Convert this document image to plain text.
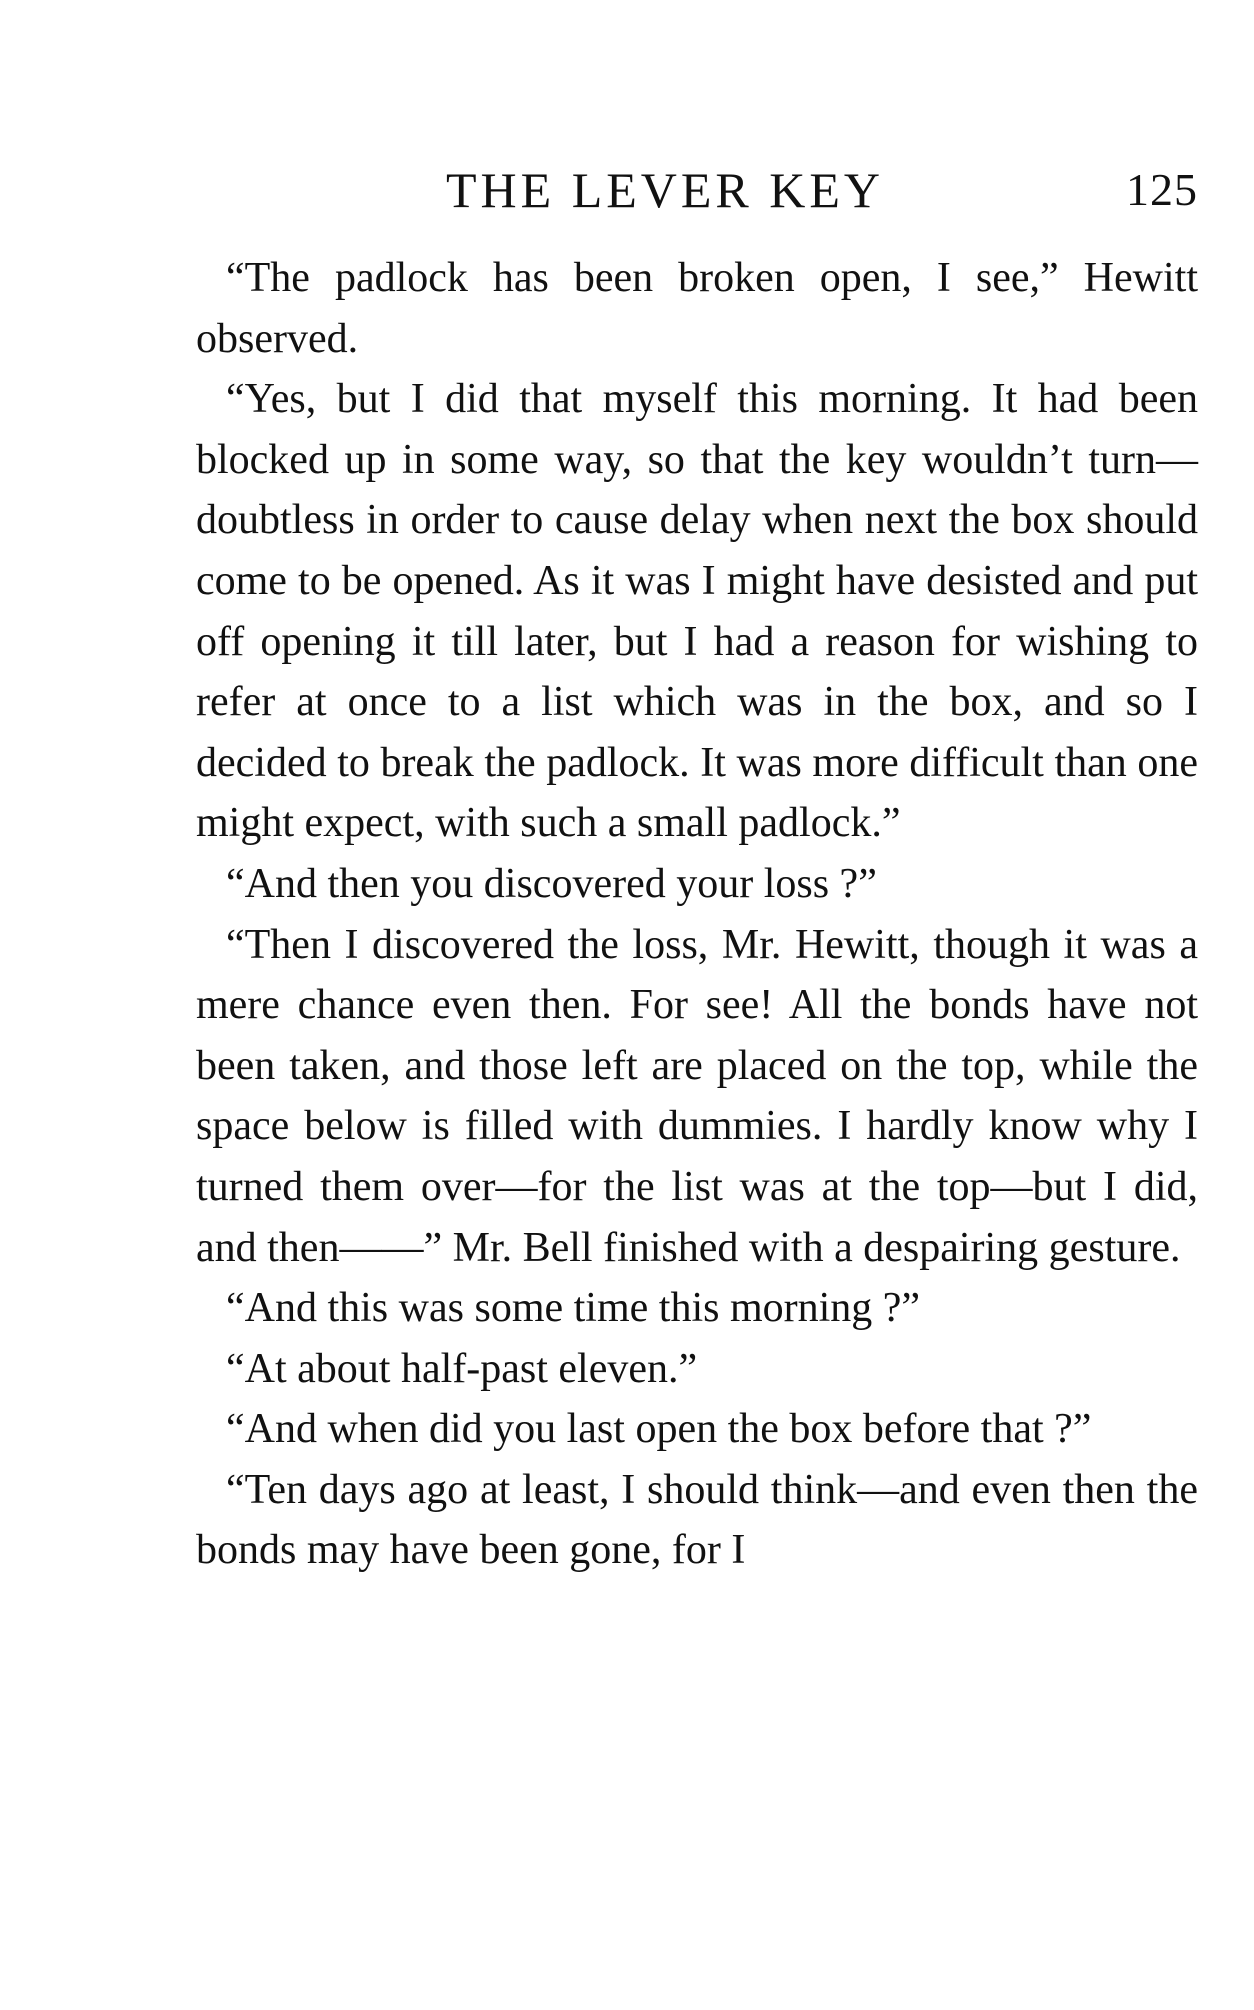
THE LEVER KEY	125

“The padlock has been broken open, I see,” Hewitt observed.

“Yes, but I did that myself this morning. It had been blocked up in some way, so that the key wouldn’t turn—doubtless in order to cause delay when next the box should come to be opened. As it was I might have desisted and put off opening it till later, but I had a reason for wishing to refer at once to a list which was in the box, and so I decided to break the padlock. It was more difficult than one might expect, with such a small padlock.”

“And then you discovered your loss ?”

“Then I discovered the loss, Mr. Hewitt, though it was a mere chance even then. For see! All the bonds have not been taken, and those left are placed on the top, while the space below is filled with dummies. I hardly know why I turned them over—for the list was at the top—but I did, and then——” Mr. Bell finished with a despairing gesture.

“And this was some time this morning ?”

“At about half-past eleven.”

“And when did you last open the box before that ?”

“Ten days ago at least, I should think—and even then the bonds may have been gone, for I
